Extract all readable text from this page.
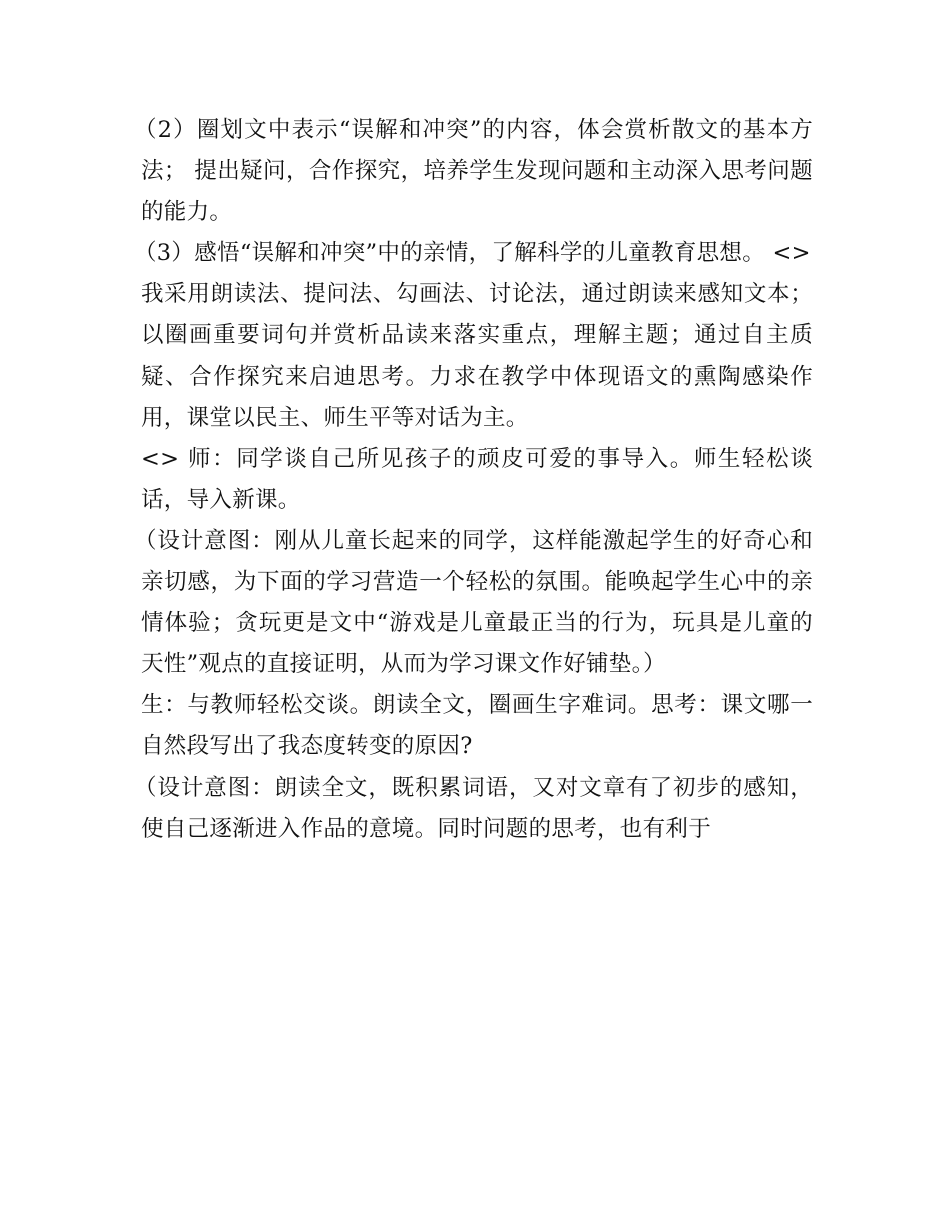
（2）圈划文中表示“误解和冲突”的内容，体会赏析散文的基本方法； 提出疑问，合作探究，培养学生发现问题和主动深入思考问题的能力。

（3）感悟“误解和冲突”中的亲情，了解科学的儿童教育思想。 <>

我采用朗读法、提问法、勾画法、讨论法，通过朗读来感知文本；以圈画重要词句并赏析品读来落实重点，理解主题；通过自主质疑、合作探究来启迪思考。力求在教学中体现语文的熏陶感染作用，课堂以民主、师生平等对话为主。

<> 师：同学谈自己所见孩子的顽皮可爱的事导入。师生轻松谈话，导入新课。

（设计意图：刚从儿童长起来的同学，这样能激起学生的好奇心和亲切感，为下面的学习营造一个轻松的氛围。能唤起学生心中的亲情体验；贪玩更是文中“游戏是儿童最正当的行为，玩具是儿童的天性”观点的直接证明，从而为学习课文作好铺垫。）

生：与教师轻松交谈。朗读全文，圈画生字难词。思考：课文哪一自然段写出了我态度转变的原因?

（设计意图：朗读全文，既积累词语，又对文章有了初步的感知，使自己逐渐进入作品的意境。同时问题的思考，也有利于
